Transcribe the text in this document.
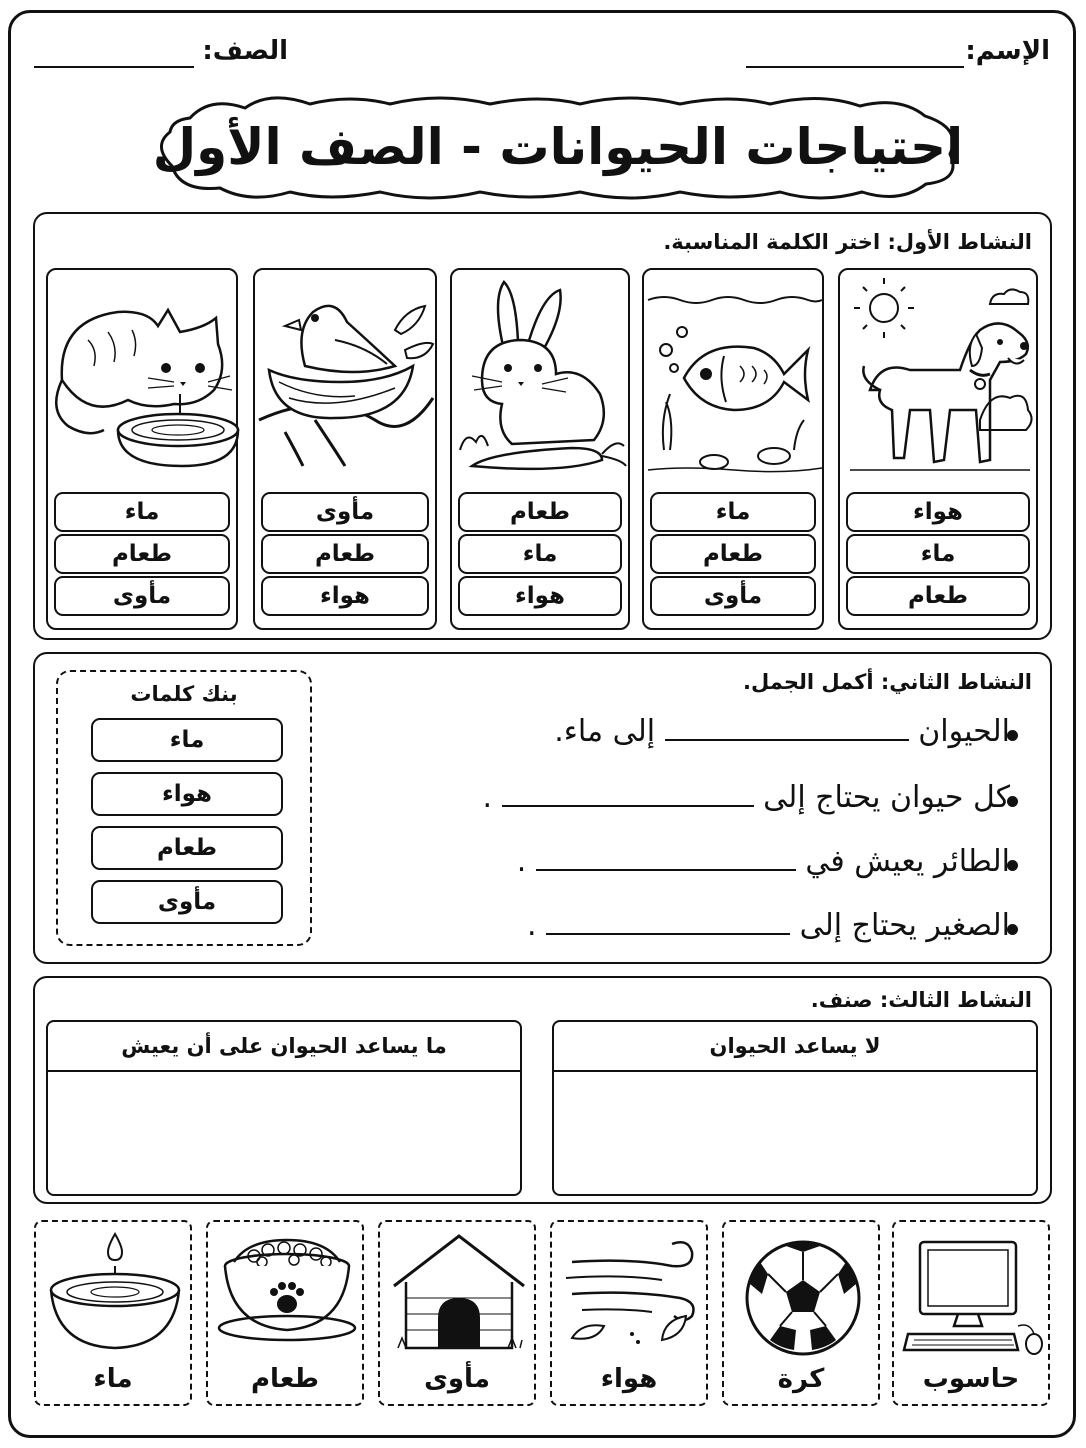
الإسم:
الصف:
احتياجات الحيوانات - الصف الأول
النشاط الأول: اختر الكلمة المناسبة.
هواء
ماء
طعام
ماء
طعام
مأوى
طعام
ماء
هواء
مأوى
طعام
هواء
ماء
طعام
مأوى
النشاط الثاني: أكمل الجمل.
الحيوان  إلى ماء.
كل حيوان يحتاج إلى  .
الطائر يعيش في  .
الصغير يحتاج إلى  .
بنك كلمات
ماء
هواء
طعام
مأوى
النشاط الثالث: صنف.
لا يساعد الحيوان
ما يساعد الحيوان على أن يعيش
حاسوب
كرة
هواء
مأوى
طعام
ماء
